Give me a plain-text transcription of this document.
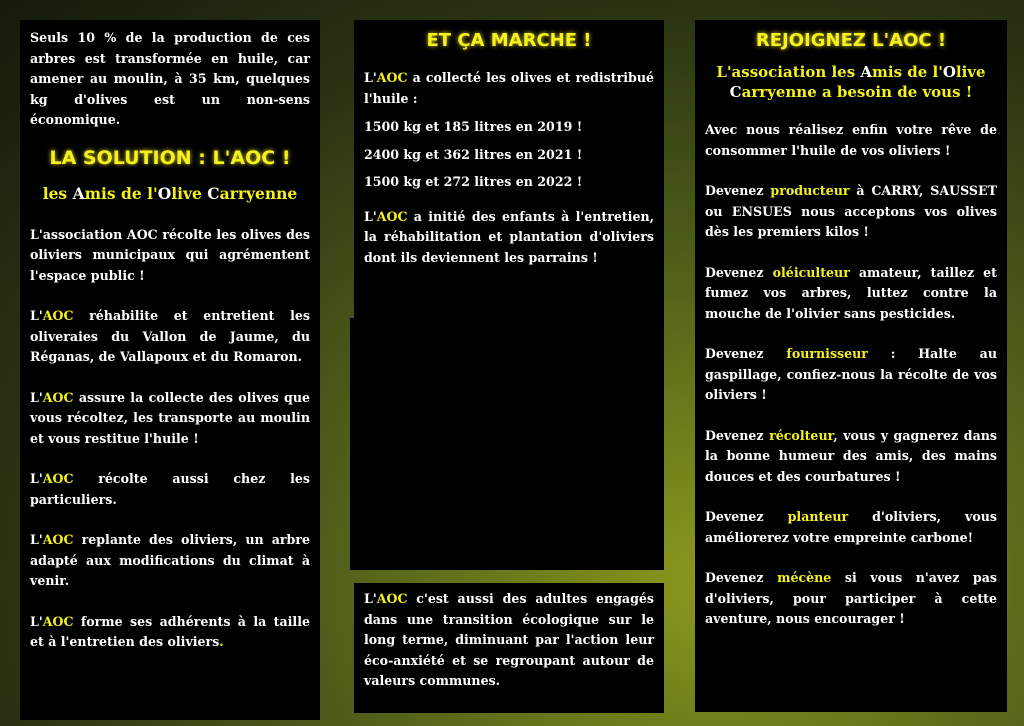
Seuls 10 % de la production de ces arbres est transformée en huile, car amener au moulin, à 35 km, quelques kg d'olives est un non-sens économique.

LA SOLUTION : L'AOC !
les Amis de l'Olive Carryenne

L'association AOC récolte les olives des oliviers municipaux qui agrémentent l'espace public !

L'AOC réhabilite et entretient les oliveraies du Vallon de Jaume, du Réganas, de Vallapoux et du Romaron.

L'AOC assure la collecte des olives que vous récoltez, les transporte au moulin et vous restitue l'huile !

L'AOC récolte aussi chez les particuliers.

L'AOC replante des oliviers, un arbre adapté aux modifications du climat à venir.

L'AOC forme ses adhérents à la taille et à l'entretien des oliviers.

ET ÇA MARCHE !

L'AOC a collecté les olives et redistribué l'huile :

1500 kg et 185 litres en 2019 !

2400 kg et 362 litres en 2021 !

1500 kg et 272 litres en 2022 !

L'AOC a initié des enfants à l'entretien, la réhabilitation et plantation d'oliviers dont ils deviennent les parrains !

L'AOC c'est aussi des adultes engagés dans une transition écologique sur le long terme, diminuant par l'action leur éco-anxiété et se regroupant autour de valeurs communes.

REJOIGNEZ L'AOC !
L'association les Amis de l'Olive Carryenne a besoin de vous !

Avec nous réalisez enfin votre rêve de consommer l'huile de vos oliviers !

Devenez producteur à CARRY, SAUSSET ou ENSUES nous acceptons vos olives dès les premiers kilos !

Devenez oléiculteur amateur, taillez et fumez vos arbres, luttez contre la mouche de l'olivier sans pesticides.

Devenez fournisseur : Halte au gaspillage, confiez-nous la récolte de vos oliviers !

Devenez récolteur, vous y gagnerez dans la bonne humeur des amis, des mains douces et des courbatures !

Devenez planteur d'oliviers, vous améliorerez votre empreinte carbone!

Devenez mécène si vous n'avez pas d'oliviers, pour participer à cette aventure, nous encourager !
